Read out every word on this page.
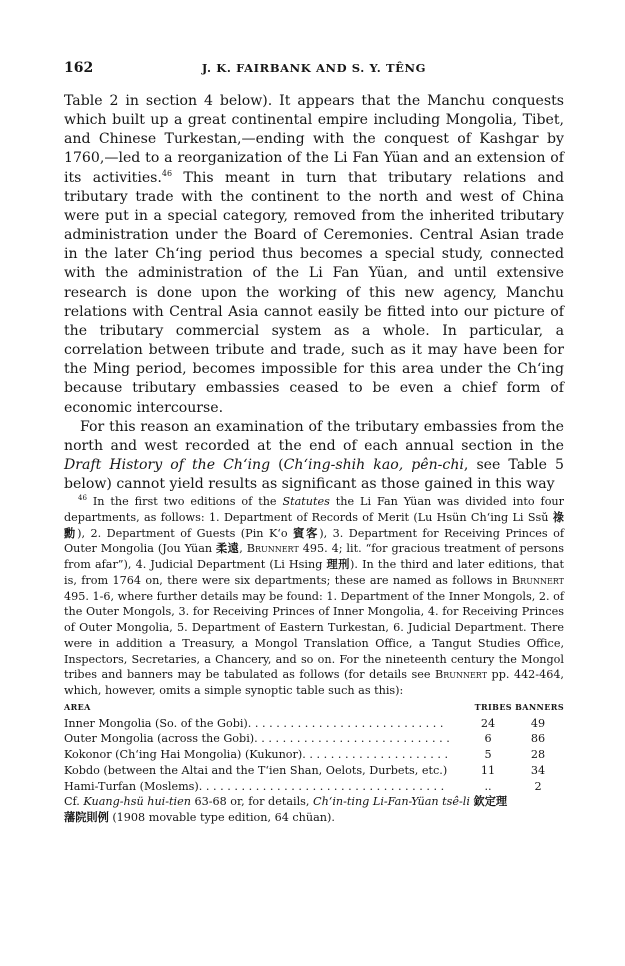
162	J. K. FAIRBANK AND S. Y. TÊNG

Table 2 in section 4 below). It appears that the Manchu conquests which built up a great continental empire including Mongolia, Tibet, and Chinese Turkestan,—ending with the conquest of Kashgar by 1760,—led to a reorganization of the Li Fan Yüan and an extension of its activities.$^{46}$ This meant in turn that tributary relations and tributary trade with the continent to the north and west of China were put in a special category, removed from the inherited tributary administration under the Board of Ceremonies. Central Asian trade in the later Chʻing period thus becomes a special study, connected with the administration of the Li Fan Yüan, and until extensive research is done upon the working of this new agency, Manchu relations with Central Asia cannot easily be fitted into our picture of the tributary commercial system as a whole. In particular, a correlation between tribute and trade, such as it may have been for the Ming period, becomes impossible for this area under the Chʻing because tributary embassies ceased to be even a chief form of economic intercourse.

For this reason an examination of the tributary embassies from the north and west recorded at the end of each annual section in the Draft History of the Chʻing (Chʻing-shih kao, pên-chi, see Table 5 below) cannot yield results as significant as those gained in this way

$^{46}$ In the first two editions of the Statutes the Li Fan Yüan was divided into four departments, as follows: 1. Department of Records of Merit (Lu Hsün Chʻing Li Ssŭ 祿勳), 2. Department of Guests (Pin Kʻo 賓客), 3. Department for Receiving Princes of Outer Mongolia (Jou Yüan 柔遠, Brunnert 495. 4; lit. “for gracious treatment of persons from afar”), 4. Judicial Department (Li Hsing 理刑). In the third and later editions, that is, from 1764 on, there were six departments; these are named as follows in Brunnert 495. 1-6, where further details may be found: 1. Department of the Inner Mongols, 2. of the Outer Mongols, 3. for Receiving Princes of Inner Mongolia, 4. for Receiving Princes of Outer Mongolia, 5. Department of Eastern Turkestan, 6. Judicial Department. There were in addition a Treasury, a Mongol Translation Office, a Tangut Studies Office, Inspectors, Secretaries, a Chancery, and so on. For the nineteenth century the Mongol tribes and banners may be tabulated as follows (for details see Brunnert pp. 442-464, which, however, omits a simple synoptic table such as this):

AREA	TRIBES	BANNERS
Inner Mongolia (So. of the Gobi). . . . . . . . . . . . . . . . . . . . . . . . . . . .	24	49
Outer Mongolia (across the Gobi). . . . . . . . . . . . . . . . . . . . . . . . . . . .	6	86
Kokonor (Chʻing Hai Mongolia) (Kukunor). . . . . . . . . . . . . . . . . . . . .	5	28
Kobdo (between the Altai and the Tʻien Shan, Oelots, Durbets, etc.)	11	34
Hami-Turfan (Moslems). . . . . . . . . . . . . . . . . . . . . . . . . . . . . . . . . . .	..	2

Cf. Kuang-hsü hui-tien 63-68 or, for details, Chʻin-ting Li-Fan-Yüan tsê-li 欽定理
藩院則例 (1908 movable type edition, 64 chüan).
